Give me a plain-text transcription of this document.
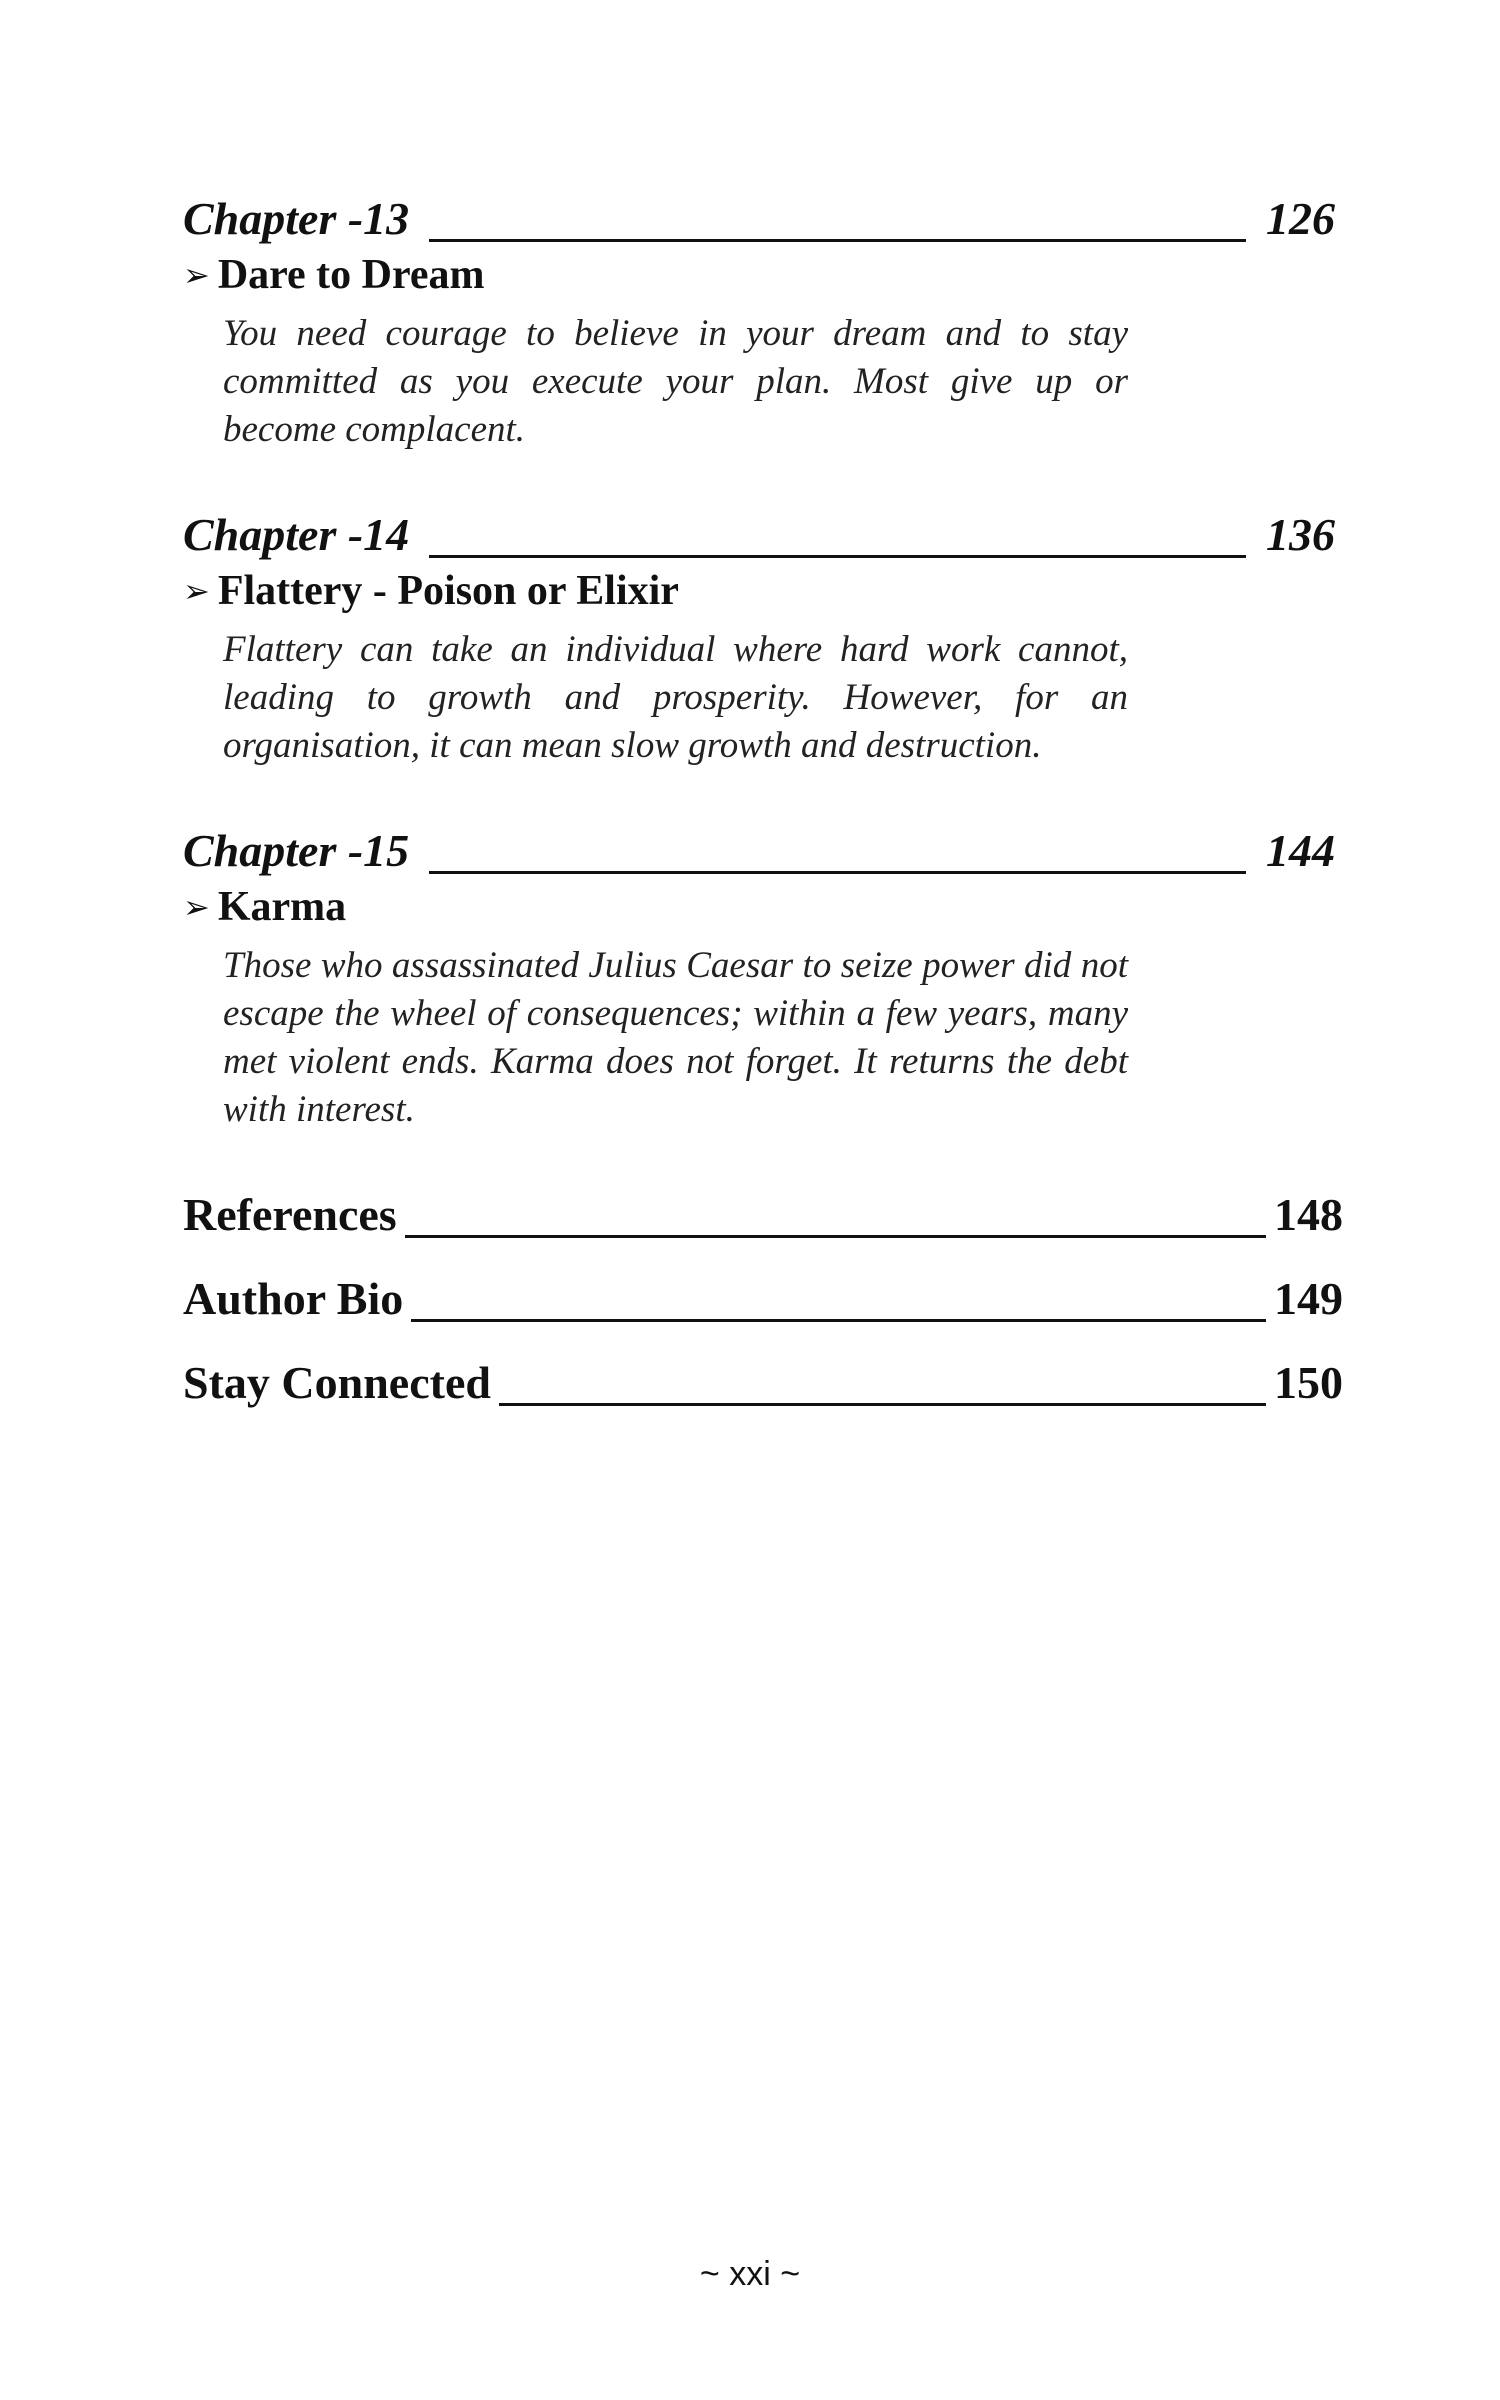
Chapter -13	126
➢ Dare to Dream
You need courage to believe in your dream and to stay committed as you execute your plan. Most give up or become complacent.
Chapter -14	136
➢ Flattery - Poison or Elixir
Flattery can take an individual where hard work cannot, leading to growth and prosperity. However, for an organisation, it can mean slow growth and destruction.
Chapter -15	144
➢ Karma
Those who assassinated Julius Caesar to seize power did not escape the wheel of consequences; within a few years, many met violent ends. Karma does not forget. It returns the debt with interest.
References	148
Author Bio	149
Stay Connected	150
~ xxi ~
